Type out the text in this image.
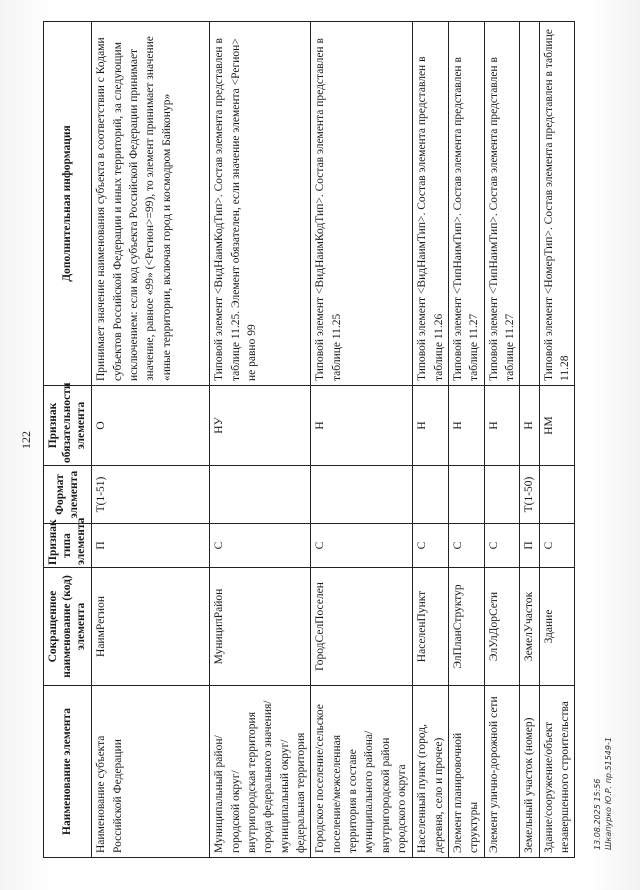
122
Наименование элемента	Сокращенное наименование (код) элемента	Признак типа элемента	Формат элемента	Признак обязательности элемента	Дополнительная информация
Наименование субъекта Российской Федерации	НаимРегион	П	T(1-51)	О	Принимает значение наименования субъекта в соответствии с Кодами субъектов Российской Федерации и иных территорий, за следующим исключением: если код субъекта Российской Федерации принимает значение, равное «99» (<Регион>=99), то элемент принимает значение «иные территории, включая город и космодром Байконур»
Муниципальный район/городской округ/внутригородская территория города федерального значения/муниципальный округ/федеральная территория	МунициπРайон	С		НУ	Типовой элемент <ВидНаимКодТип>. Состав элемента представлен в таблице 11.25. Элемент обязателен, если значение элемента <Регион> не равно 99
Городское поселение/сельское поселение/межселенная территория в составе муниципального района/внутригородской район городского округа	ГородСелПоселен	С		Н	Типовой элемент <ВидНаимКодТип>. Состав элемента представлен в таблице 11.25
Населенный пункт (город, деревня, село и прочее)	НаселенПункт	С		Н	Типовой элемент <ВидНаимТип>. Состав элемента представлен в таблице 11.26
Элемент планировочной структуры	ЭлПланСтруктур	С		Н	Типовой элемент <ТипНаимТип>. Состав элемента представлен в таблице 11.27
Элемент улично-дорожной сети	ЭлУлДорСети	С		Н	Типовой элемент <ТипНаимТип>. Состав элемента представлен в таблице 11.27
Земельный участок (номер)	ЗемелУчасток	П	T(1-50)	Н	
Здание/сооружение/объект незавершенного строительства	Здание	С		НМ	Типовой элемент <НомерТип>. Состав элемента представлен в таблице 11.28
13.08.2025 15:56 Шкапурко Ю.Р. пр.51549-1
